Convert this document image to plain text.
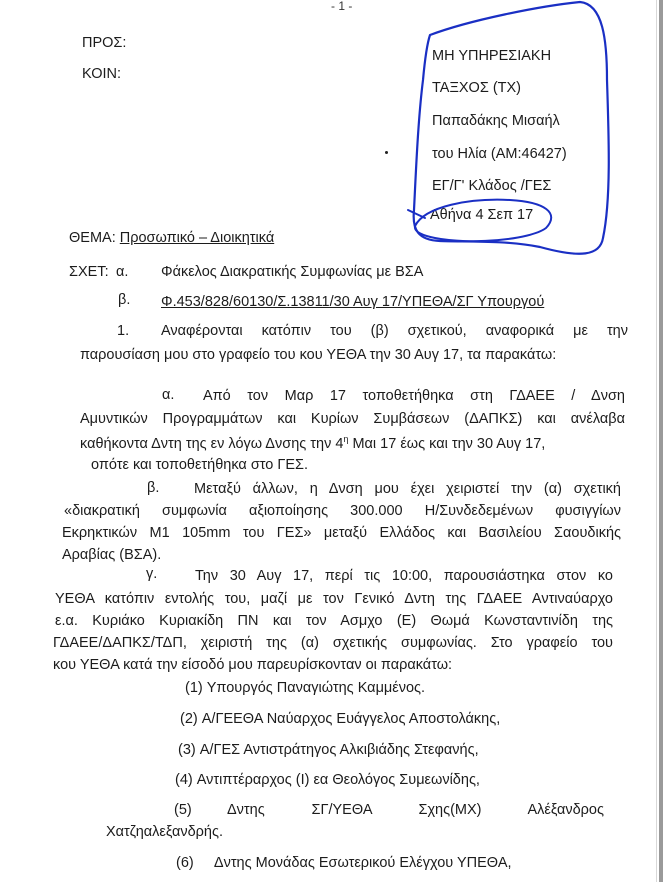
- 1 -
ΠΡΟΣ:
ΚΟΙΝ:
ΜΗ ΥΠΗΡΕΣΙΑΚΗ
ΤΑΞΧΟΣ (ΤΧ)
Παπαδάκης Μισαήλ
του Ηλία (ΑΜ:46427)
ΕΓ/Γ' Κλάδος /ΓΕΣ
Αθήνα 4 Σεπ 17
ΘΕΜΑ: Προσωπικό – Διοικητικά
ΣΧΕΤ: α. Φάκελος Διακρατικής Συμφωνίας με ΒΣΑ
β. Φ.453/828/60130/Σ.13811/30 Αυγ 17/ΥΠΕΘΑ/ΣΓ Υπουργού
1. Αναφέρονται κατόπιν του (β) σχετικού, αναφορικά με την
παρουσίαση μου στο γραφείο του κου ΥΕΘΑ την 30 Αυγ 17, τα παρακάτω:
α. Από τον Μαρ 17 τοποθετήθηκα στη ΓΔΑΕΕ / Δνση
Αμυντικών Προγραμμάτων και Κυρίων Συμβάσεων (ΔΑΠΚΣ) και ανέλαβα
καθήκοντα Δντη της εν λόγω Δνσης την $4^\eta$ Μαι 17 έως και την 30 Αυγ 17,
οπότε και τοποθετήθηκα στο ΓΕΣ.
β. Μεταξύ άλλων, η Δνση μου έχει χειριστεί την (α) σχετική
«διακρατική συμφωνία αξιοποίησης 300.000 Η/Συνδεδεμένων φυσιγγίων
Εκρηκτικών Μ1 105mm του ΓΕΣ» μεταξύ Ελλάδος και Βασιλείου Σαουδικής
Αραβίας (ΒΣΑ).
γ.	Την 30 Αυγ 17, περί τις 10:00, παρουσιάστηκα στον κο
ΥΕΘΑ κατόπιν εντολής του, μαζί με τον Γενικό Δντη της ΓΔΑΕΕ Αντιναύαρχο
ε.α. Κυριάκο Κυριακίδη ΠΝ και τον Ασμχο (Ε) Θωμά Κωνσταντινίδη της
ΓΔΑΕΕ/ΔΑΠΚΣ/ΤΔΠ, χειριστή της (α) σχετικής συμφωνίας. Στο γραφείο του
κου ΥΕΘΑ κατά την είσοδό μου παρευρίσκονταν οι παρακάτω:
(1) Υπουργός Παναγιώτης Καμμένος.
(2) Α/ΓΕΕΘΑ Ναύαρχος Ευάγγελος Αποστολάκης,
(3) Α/ΓΕΣ Αντιστράτηγος Αλκιβιάδης Στεφανής,
(4) Αντιπτέραρχος (Ι) εα Θεολόγος Συμεωνίδης,
(5) Δντης ΣΓ/ΥΕΘΑ Σχης(ΜΧ) Αλέξανδρος
Χατζηαλεξανδρής.
(6) Δντης Μονάδας Εσωτερικού Ελέγχου ΥΠΕΘΑ,
